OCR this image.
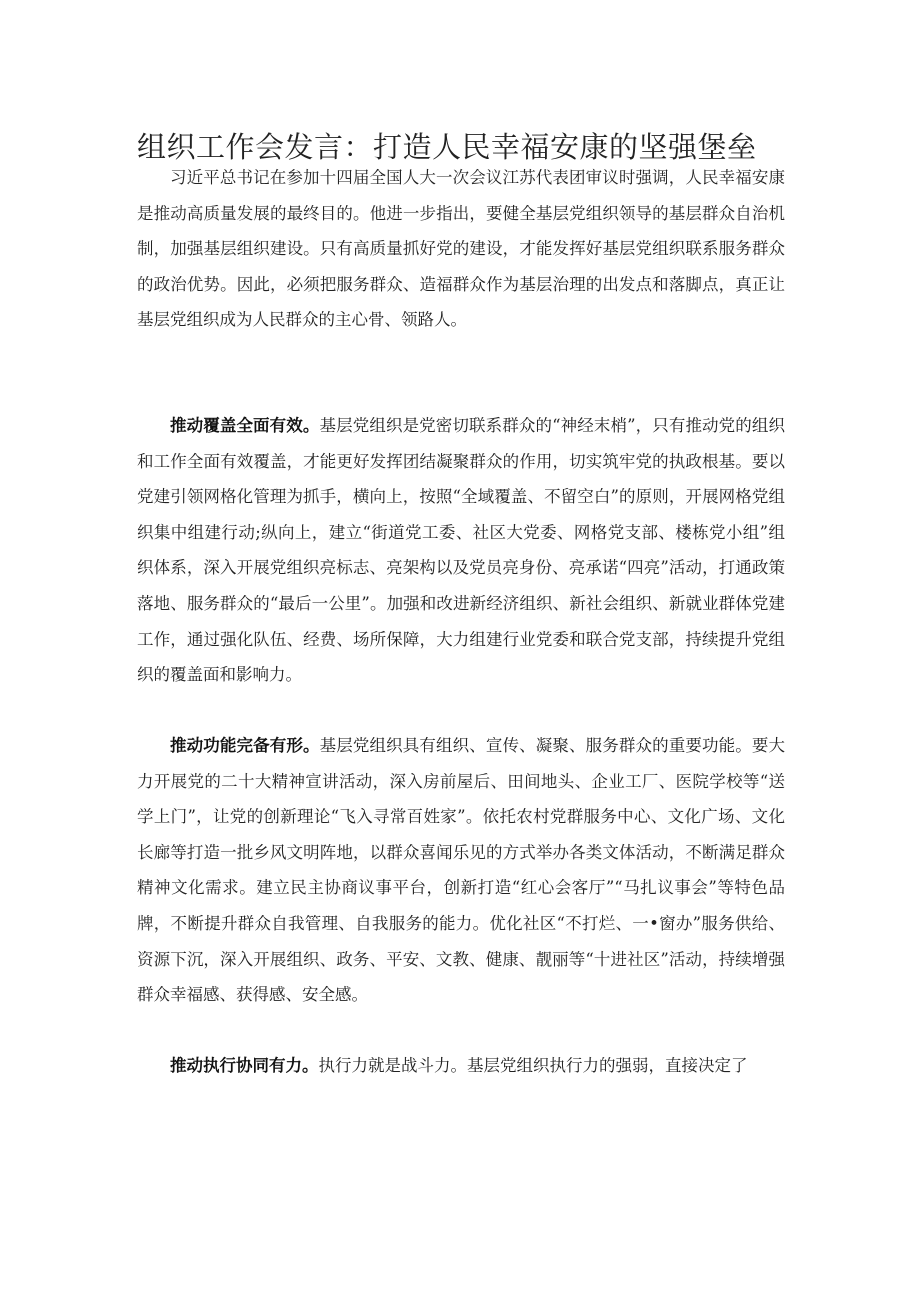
组织工作会发言：打造人民幸福安康的坚强堡垒

习近平总书记在参加十四届全国人大一次会议江苏代表团审议时强调，人民幸福安康是推动高质量发展的最终目的。他进一步指出，要健全基层党组织领导的基层群众自治机制，加强基层组织建设。只有高质量抓好党的建设，才能发挥好基层党组织联系服务群众的政治优势。因此，必须把服务群众、造福群众作为基层治理的出发点和落脚点，真正让基层党组织成为人民群众的主心骨、领路人。

推动覆盖全面有效。基层党组织是党密切联系群众的“神经末梢”，只有推动党的组织和工作全面有效覆盖，才能更好发挥团结凝聚群众的作用，切实筑牢党的执政根基。要以党建引领网格化管理为抓手，横向上，按照“全域覆盖、不留空白”的原则，开展网格党组织集中组建行动;纵向上，建立“街道党工委、社区大党委、网格党支部、楼栋党小组”组织体系，深入开展党组织亮标志、亮架构以及党员亮身份、亮承诺“四亮”活动，打通政策落地、服务群众的“最后一公里”。加强和改进新经济组织、新社会组织、新就业群体党建工作，通过强化队伍、经费、场所保障，大力组建行业党委和联合党支部，持续提升党组织的覆盖面和影响力。

推动功能完备有形。基层党组织具有组织、宣传、凝聚、服务群众的重要功能。要大力开展党的二十大精神宣讲活动，深入房前屋后、田间地头、企业工厂、医院学校等“送学上门”，让党的创新理论“飞入寻常百姓家”。依托农村党群服务中心、文化广场、文化长廊等打造一批乡风文明阵地，以群众喜闻乐见的方式举办各类文体活动，不断满足群众精神文化需求。建立民主协商议事平台，创新打造“红心会客厅”“马扎议事会”等特色品牌，不断提升群众自我管理、自我服务的能力。优化社区“不打烂、一•窗办”服务供给、资源下沉，深入开展组织、政务、平安、文教、健康、靓丽等“十进社区”活动，持续增强群众幸福感、获得感、安全感。

推动执行协同有力。执行力就是战斗力。基层党组织执行力的强弱，直接决定了
